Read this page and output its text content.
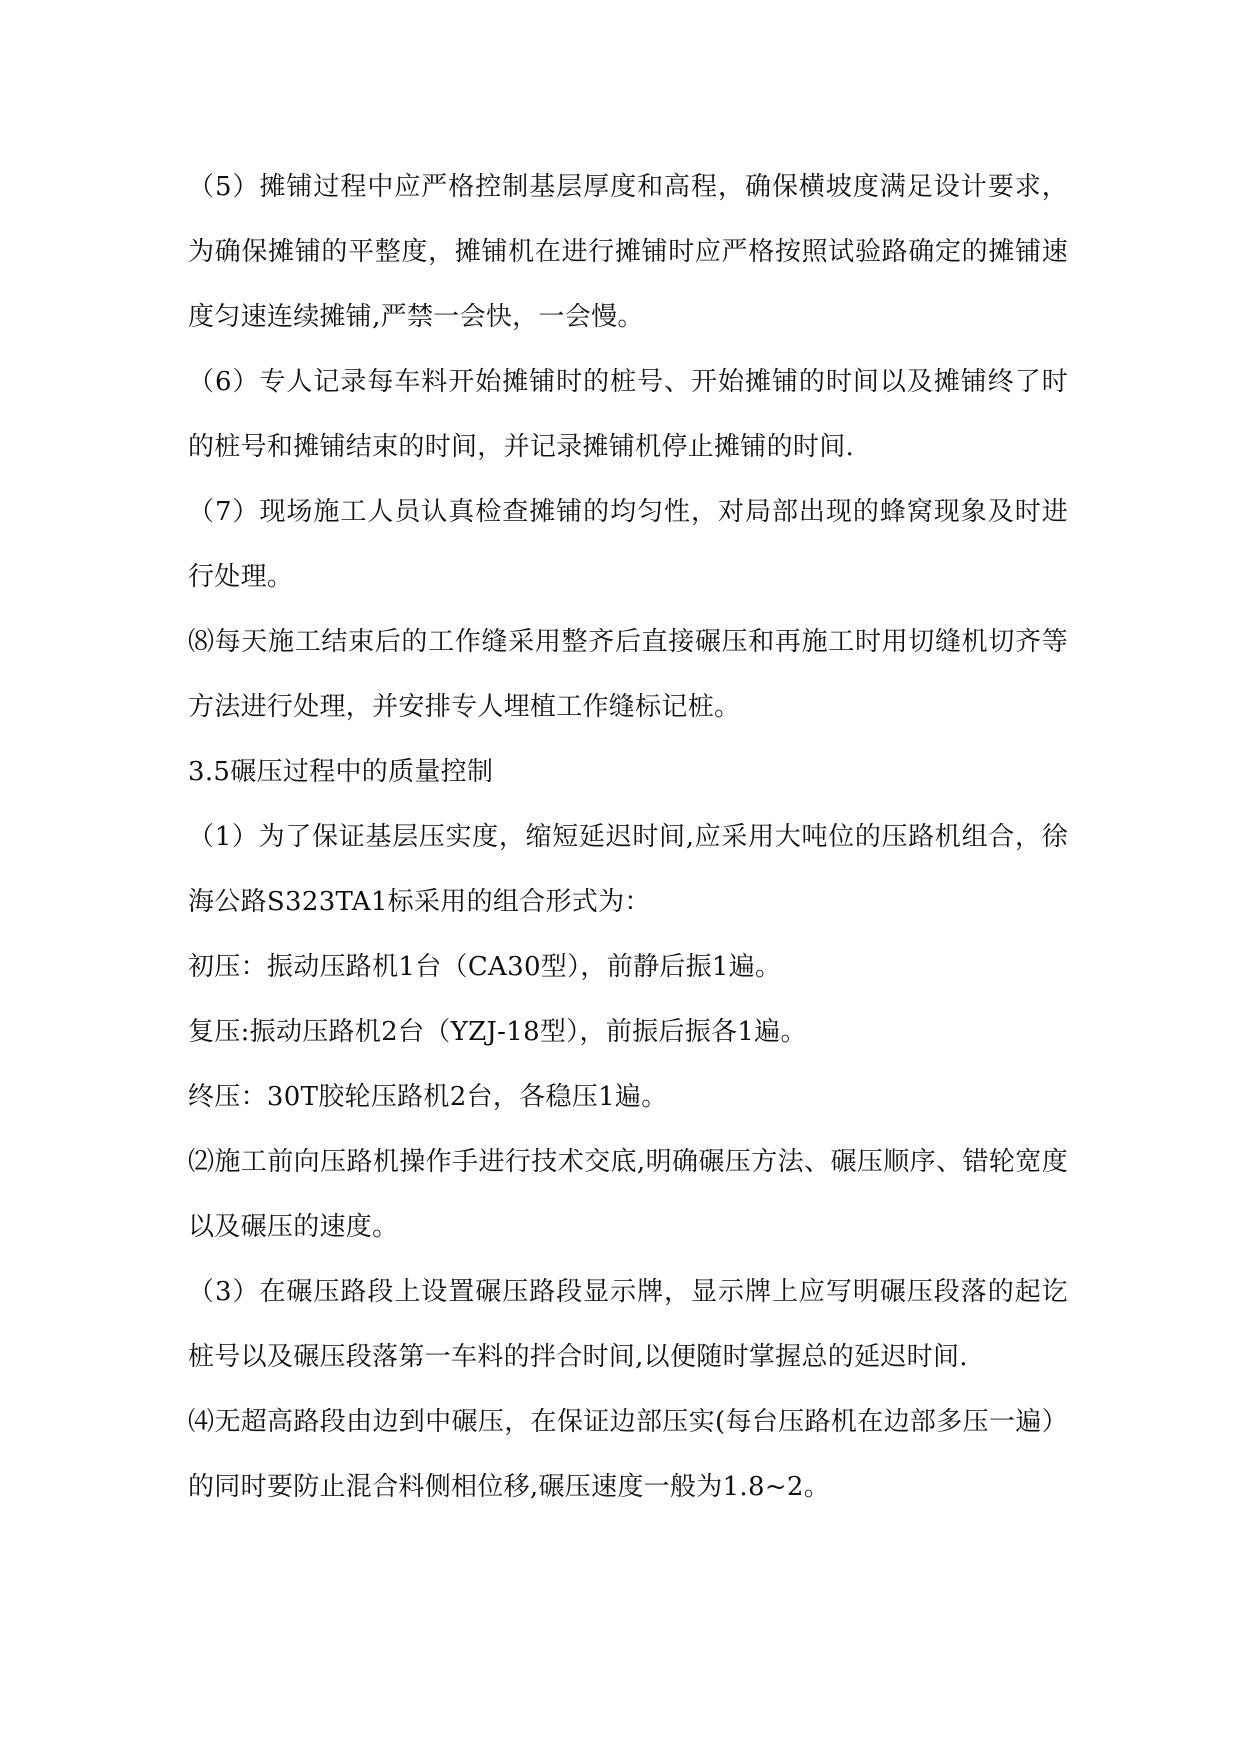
（5）摊铺过程中应严格控制基层厚度和高程，确保横坡度满足设计要求，为确保摊铺的平整度，摊铺机在进行摊铺时应严格按照试验路确定的摊铺速度匀速连续摊铺,严禁一会快，一会慢。

（6）专人记录每车料开始摊铺时的桩号、开始摊铺的时间以及摊铺终了时的桩号和摊铺结束的时间，并记录摊铺机停止摊铺的时间.

（7）现场施工人员认真检查摊铺的均匀性，对局部出现的蜂窝现象及时进行处理。

⑻每天施工结束后的工作缝采用整齐后直接碾压和再施工时用切缝机切齐等方法进行处理，并安排专人埋植工作缝标记桩。

3.5碾压过程中的质量控制

（1）为了保证基层压实度，缩短延迟时间,应采用大吨位的压路机组合，徐海公路S323TA1标采用的组合形式为：

初压：振动压路机1台（CA30型），前静后振1遍。

复压:振动压路机2台（YZJ-18型），前振后振各1遍。

终压：30T胶轮压路机2台，各稳压1遍。

⑵施工前向压路机操作手进行技术交底,明确碾压方法、碾压顺序、错轮宽度以及碾压的速度。

（3）在碾压路段上设置碾压路段显示牌，显示牌上应写明碾压段落的起讫桩号以及碾压段落第一车料的拌合时间,以便随时掌握总的延迟时间.

⑷无超高路段由边到中碾压，在保证边部压实(每台压路机在边部多压一遍）的同时要防止混合料侧相位移,碾压速度一般为1.8~2。
